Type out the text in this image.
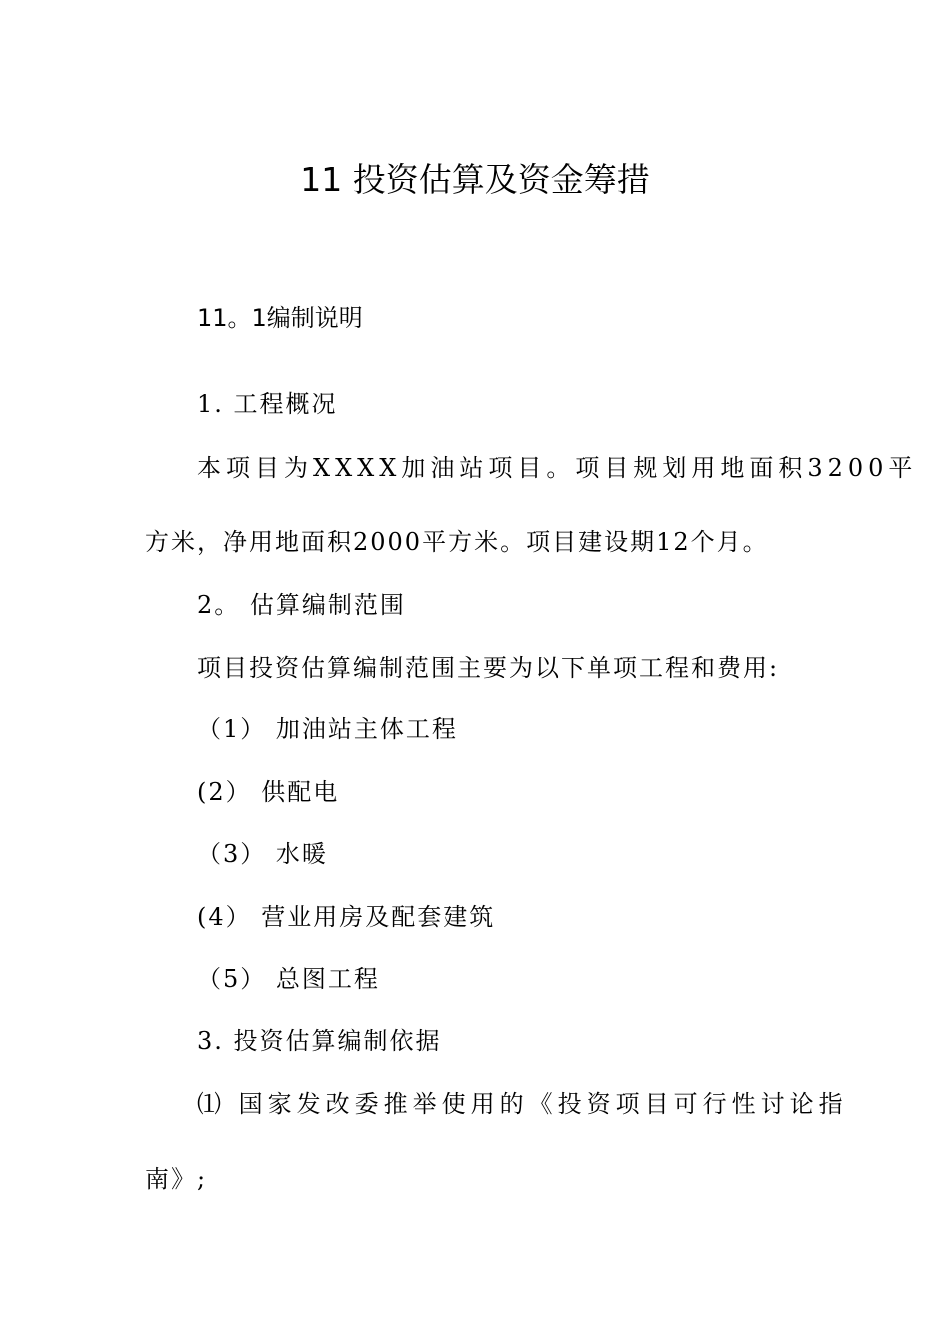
11 投资估算及资金筹措
11。1编制说明
1. 工程概况
本项目为XXXX加油站项目。项目规划用地面积3200平
方米，净用地面积2000平方米。项目建设期12个月。
2。 估算编制范围
项目投资估算编制范围主要为以下单项工程和费用:
（1） 加油站主体工程
(2） 供配电
（3） 水暖
(4） 营业用房及配套建筑
（5） 总图工程
3. 投资估算编制依据
⑴ 国家发改委推举使用的《投资项目可行性讨论指
南》;
